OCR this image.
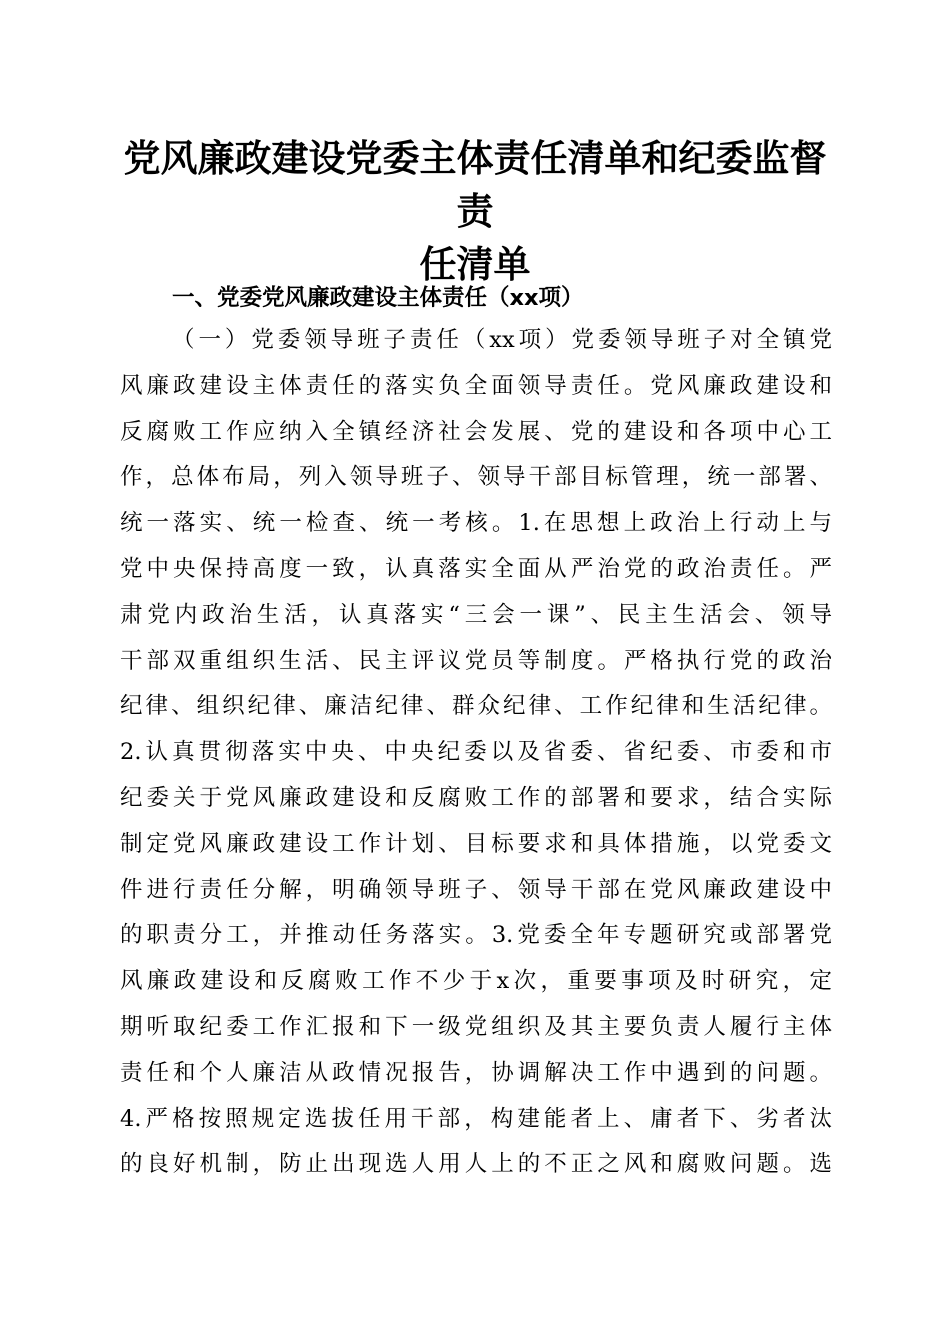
党风廉政建设党委主体责任清单和纪委监督责
任清单
一、党委党风廉政建设主体责任（xx项）
（一）党委领导班子责任（xx项）党委领导班子对全镇党
风廉政建设主体责任的落实负全面领导责任。党风廉政建设和
反腐败工作应纳入全镇经济社会发展、党的建设和各项中心工
作，总体布局，列入领导班子、领导干部目标管理，统一部署、
统一落实、统一检查、统一考核。1.在思想上政治上行动上与
党中央保持高度一致，认真落实全面从严治党的政治责任。严
肃党内政治生活，认真落实“三会一课”、民主生活会、领导
干部双重组织生活、民主评议党员等制度。严格执行党的政治
纪律、组织纪律、廉洁纪律、群众纪律、工作纪律和生活纪律。
2.认真贯彻落实中央、中央纪委以及省委、省纪委、市委和市
纪委关于党风廉政建设和反腐败工作的部署和要求，结合实际
制定党风廉政建设工作计划、目标要求和具体措施，以党委文
件进行责任分解，明确领导班子、领导干部在党风廉政建设中
的职责分工，并推动任务落实。3.党委全年专题研究或部署党
风廉政建设和反腐败工作不少于x次，重要事项及时研究，定
期听取纪委工作汇报和下一级党组织及其主要负责人履行主体
责任和个人廉洁从政情况报告，协调解决工作中遇到的问题。
4.严格按照规定选拔任用干部，构建能者上、庸者下、劣者汰
的良好机制，防止出现选人用人上的不正之风和腐败问题。选
